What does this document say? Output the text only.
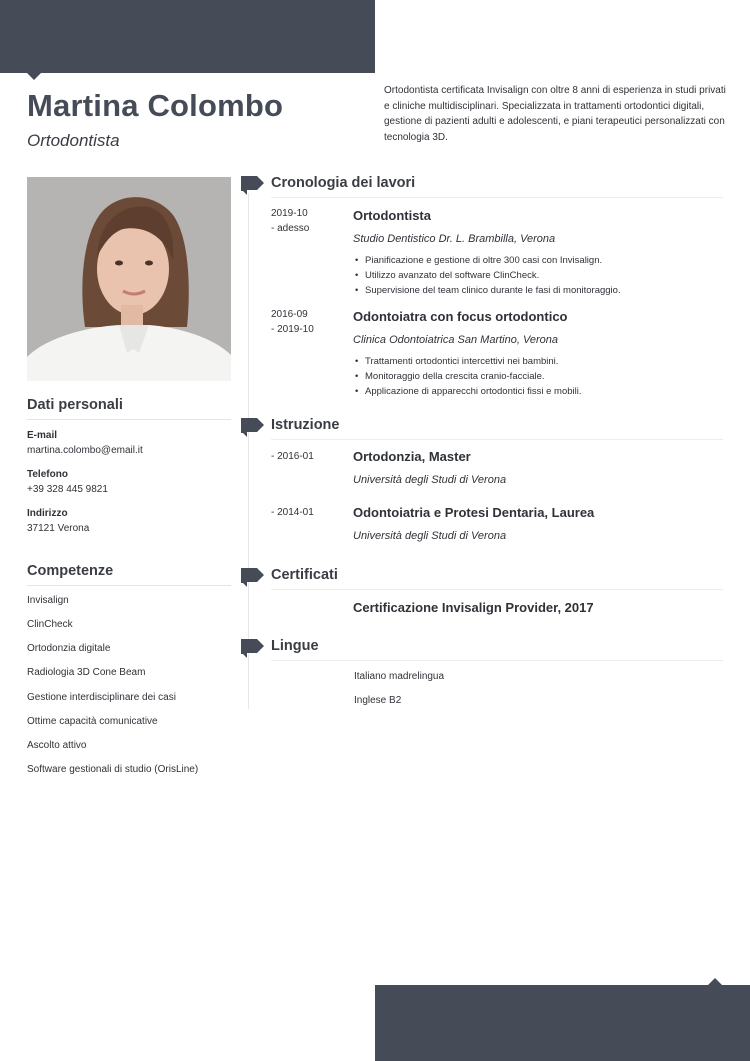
Martina Colombo
Ortodontista

Ortodontista certificata Invisalign con oltre 8 anni di esperienza in studi privati e cliniche multidisciplinari. Specializzata in trattamenti ortodontici digitali, gestione di pazienti adulti e adolescenti, e piani terapeutici personalizzati con tecnologia 3D.

Dati personali
E-mail
martina.colombo@email.it
Telefono
+39 328 445 9821
Indirizzo
37121 Verona
Competenze
Invisalign
ClinCheck
Ortodonzia digitale
Radiologia 3D Cone Beam
Gestione interdisciplinare dei casi
Ottime capacità comunicative
Ascolto attivo
Software gestionali di studio (OrisLine)
Cronologia dei lavori
2019-10
- adesso
Ortodontista
Studio Dentistico Dr. L. Brambilla, Verona
• Pianificazione e gestione di oltre 300 casi con Invisalign.
• Utilizzo avanzato del software ClinCheck.
• Supervisione del team clinico durante le fasi di monitoraggio.
2016-09
- 2019-10
Odontoiatra con focus ortodontico
Clinica Odontoiatrica San Martino, Verona
• Trattamenti ortodontici intercettivi nei bambini.
• Monitoraggio della crescita cranio-facciale.
• Applicazione di apparecchi ortodontici fissi e mobili.
Istruzione
- 2016-01	Ortodonzia, Master
Università degli Studi di Verona
- 2014-01	Odontoiatria e Protesi Dentaria, Laurea
Università degli Studi di Verona
Certificati
Certificazione Invisalign Provider, 2017
Lingue
Italiano madrelingua
Inglese B2
